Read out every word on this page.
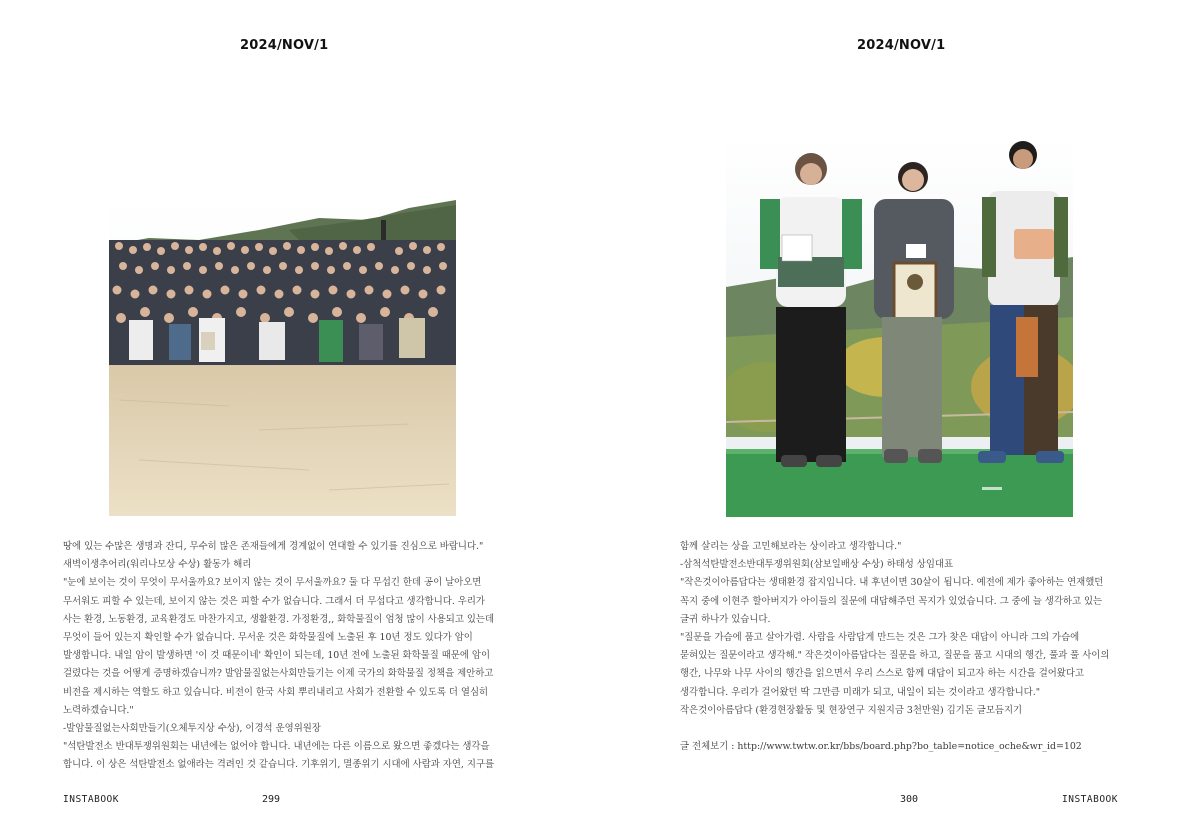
2024/NOV/1

땅에 있는 수많은 생명과 잔디, 무수히 많은 존재들에게 경계없이 연대할 수 있기를 진심으로 바랍니다."

새벽이생추어리(워리나모상 수상) 활동가 해리

"눈에 보이는 것이 무엇이 무서울까요? 보이지 않는 것이 무서울까요? 둘 다 무섭긴 한데 공이 날아오면

무서워도 피할 수 있는데, 보이지 않는 것은 피할 수가 없습니다. 그래서 더 무섭다고 생각합니다. 우리가

사는 환경, 노동환경, 교육환경도 마찬가지고, 생활환경. 가정환경,, 화학물질이 엄청 많이 사용되고 있는데

무엇이 들어 있는지 확인할 수가 없습니다. 무서운 것은 화학물질에 노출된 후 10년 정도 있다가 암이

발생합니다. 내일 암이 발생하면 '이 것 때문이네' 확인이 되는데, 10년 전에 노출된 화학물질 때문에 암이

걸렸다는 것을 어떻게 증명하겠습니까? 발암물질없는사회만들기는 이제 국가의 화학물질 정책을 제안하고

비전을 제시하는 역할도 하고 있습니다. 비전이 한국 사회 뿌리내리고 사회가 전환할 수 있도록 더 열심히

노력하겠습니다."

-발암물질없는사회만들기(오체투지상 수상), 이경석 운영위원장

"석탄발전소 반대투쟁위원회는 내년에는 없어야 합니다. 내년에는 다른 이름으로 왔으면 좋겠다는 생각을

합니다. 이 상은 석탄발전소 없애라는 격려인 것 같습니다. 기후위기, 멸종위기 시대에 사람과 자연, 지구를

INSTABOOK	299
2024/NOV/1

함께 살리는 상을 고민해보라는 상이라고 생각합니다."

-삼척석탄발전소반대투쟁위원회(삼보일배상 수상) 하태성 상임대표

"작은것이아름답다는 생태환경 잡지입니다. 내 후년이면 30살이 됩니다. 예전에 제가 좋아하는 연재했던

꼭지 중에 이현주 할아버지가 아이들의 질문에 대답해주던 꼭지가 있었습니다. 그 중에 늘 생각하고 있는

글귀 하나가 있습니다.

"질문을 가슴에 품고 살아가렴. 사람을 사람답게 만드는 것은 그가 찾은 대답이 아니라 그의 가슴에

묻혀있는 질문이라고 생각해." 작은것이아름답다는 질문을 하고, 질문을 품고 시대의 행간, 풀과 풀 사이의

행간, 나무와 나무 사이의 행간을 읽으면서 우리 스스로 함께 대답이 되고자 하는 시간을 걸어왔다고

생각합니다. 우리가 걸어왔던 딱 그만큼 미래가 되고, 내일이 되는 것이라고 생각합니다."

작은것이아름답다 (환경현장활동 및 현장연구 지원지금 3천만원) 김기돈 글모듬지기

글 전체보기 : http://www.twtw.or.kr/bbs/board.php?bo_table=notice_oche&wr_id=102

300	INSTABOOK
